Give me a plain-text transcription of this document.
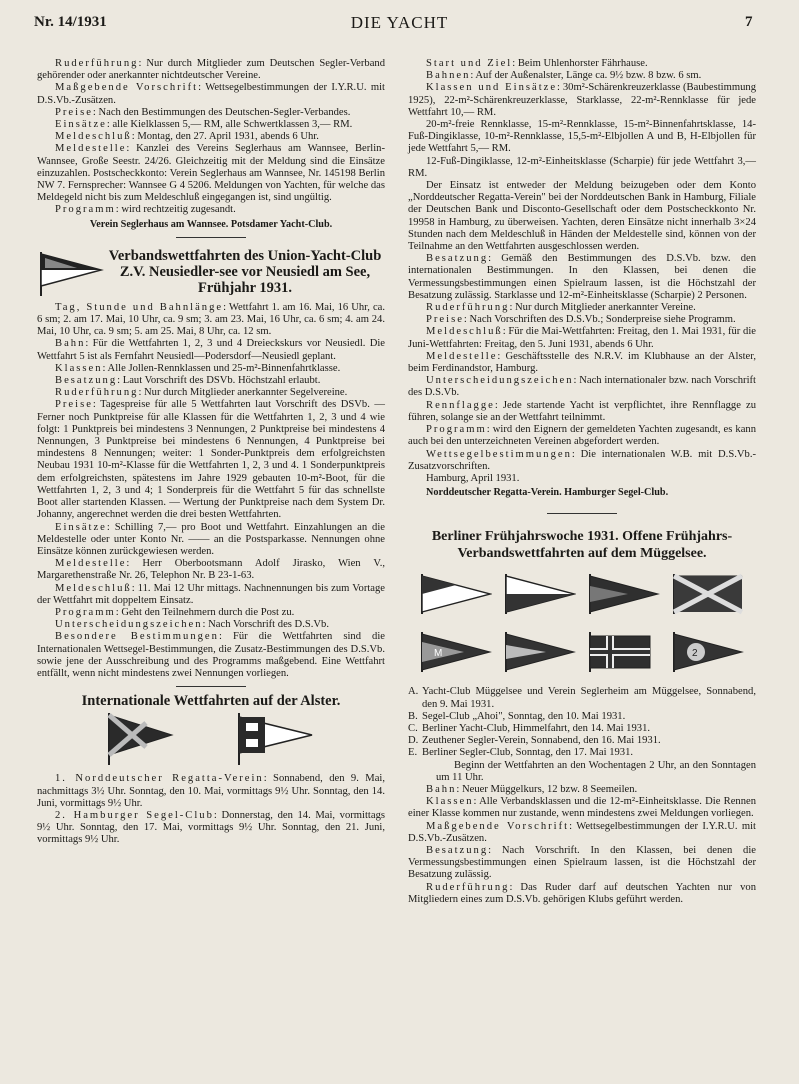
Nr. 14/1931	DIE YACHT	7

Ruderführung: Nur durch Mitglieder zum Deutschen Segler-Verband gehörender oder anerkannter nichtdeutscher Vereine.

Maßgebende Vorschrift: Wettsegelbestimmungen der I.Y.R.U. mit D.S.Vb.-Zusätzen.

Preise: Nach den Bestimmungen des Deutschen-Segler-Verbandes.

Einsätze: alle Kielklassen 5,— RM, alle Schwertklassen 3,— RM.

Meldeschluß: Montag, den 27. April 1931, abends 6 Uhr.

Meldestelle: Kanzlei des Vereins Seglerhaus am Wannsee, Berlin-Wannsee, Große Seestr. 24/26. Gleichzeitig mit der Meldung sind die Einsätze einzuzahlen. Postscheckkonto: Verein Seglerhaus am Wannsee, Nr. 145198 Berlin NW 7. Fernsprecher: Wannsee G 4 5206. Meldungen von Yachten, für welche das Meldegeld nicht bis zum Meldeschluß eingegangen ist, sind ungültig.

Programm: wird rechtzeitig zugesandt.

Verein Seglerhaus am Wannsee. Potsdamer Yacht-Club.

Verbandswettfahrten des Union-Yacht-Club Z.V. Neusiedler-see vor Neusiedl am See, Frühjahr 1931.

Tag, Stunde und Bahnlänge: Wettfahrt 1. am 16. Mai, 16 Uhr, ca. 6 sm; 2. am 17. Mai, 10 Uhr, ca. 9 sm; 3. am 23. Mai, 16 Uhr, ca. 6 sm; 4. am 24. Mai, 10 Uhr, ca. 9 sm; 5. am 25. Mai, 8 Uhr, ca. 12 sm.

Bahn: Für die Wettfahrten 1, 2, 3 und 4 Dreieckskurs vor Neusiedl. Die Wettfahrt 5 ist als Fernfahrt Neusiedl—Podersdorf—Neusiedl geplant.

Klassen: Alle Jollen-Rennklassen und 25-m²-Binnenfahrtklasse.

Besatzung: Laut Vorschrift des DSVb. Höchstzahl erlaubt.

Ruderführung: Nur durch Mitglieder anerkannter Segelvereine.

Preise: Tagespreise für alle 5 Wettfahrten laut Vorschrift des DSVb. — Ferner noch Punktpreise für alle Klassen für die Wettfahrten 1, 2, 3 und 4 wie folgt: 1 Punktpreis bei mindestens 3 Nennungen, 2 Punktpreise bei mindestens 4 Nennungen, 3 Punktpreise bei mindestens 6 Nennungen, 4 Punktpreise bei mindestens 8 Nennungen; weiter: 1 Sonder-Punktpreis dem erfolgreichsten Neubau 1931 10-m²-Klasse für die Wettfahrten 1, 2, 3 und 4. 1 Sonderpunktpreis dem erfolgreichsten, spätestens im Jahre 1929 gebauten 10-m²-Boot, für die Wettfahrten 1, 2, 3 und 4; 1 Sonderpreis für die Wettfahrt 5 für das schnellste Boot aller startenden Klassen. — Wertung der Punktpreise nach dem System Dr. Johanny, angerechnet werden die drei besten Wettfahrten.

Einsätze: Schilling 7,— pro Boot und Wettfahrt. Einzahlungen an die Meldestelle oder unter Konto Nr. —— an die Postsparkasse. Nennungen ohne Einsätze können zurückgewiesen werden.

Meldestelle: Herr Oberbootsmann Adolf Jirasko, Wien V., Margarethenstraße Nr. 26, Telephon Nr. B 23-1-63.

Meldeschluß: 11. Mai 12 Uhr mittags. Nachnennungen bis zum Vortage der Wettfahrt mit doppeltem Einsatz.

Programm: Geht den Teilnehmern durch die Post zu.

Unterscheidungszeichen: Nach Vorschrift des D.S.Vb.

Besondere Bestimmungen: Für die Wettfahrten sind die Internationalen Wettsegel-Bestimmungen, die Zusatz-Bestimmungen des D.S.Vb. sowie jene der Ausschreibung und des Programms maßgebend. Eine Wettfahrt entfällt, wenn nicht mindestens zwei Nennungen vorliegen.

Internationale Wettfahrten auf der Alster.

1. Norddeutscher Regatta-Verein: Sonnabend, den 9. Mai, nachmittags 3½ Uhr. Sonntag, den 10. Mai, vormittags 9½ Uhr. Sonntag, den 14. Juni, vormittags 9½ Uhr.

2. Hamburger Segel-Club: Donnerstag, den 14. Mai, vormittags 9½ Uhr. Sonntag, den 17. Mai, vormittags 9½ Uhr. Sonntag, den 21. Juni, vormittags 9½ Uhr.

Start und Ziel: Beim Uhlenhorster Fährhause.

Bahnen: Auf der Außenalster, Länge ca. 9½ bzw. 8 bzw. 6 sm.

Klassen und Einsätze: 30m²-Schärenkreuzerklasse (Baubestimmung 1925), 22-m²-Schärenkreuzerklasse, Starklasse, 22-m²-Rennklasse für jede Wettfahrt 10,— RM.

20-m²-freie Rennklasse, 15-m²-Rennklasse, 15-m²-Binnenfahrtsklasse, 14-Fuß-Dingiklasse, 10-m²-Rennklasse, 15,5-m²-Elbjollen A und B, H-Elbjollen für jede Wettfahrt 5,— RM.

12-Fuß-Dingiklasse, 12-m²-Einheitsklasse (Scharpie) für jede Wettfahrt 3,— RM.

Der Einsatz ist entweder der Meldung beizugeben oder dem Konto „Norddeutscher Regatta-Verein" bei der Norddeutschen Bank in Hamburg, Filiale der Deutschen Bank und Disconto-Gesellschaft oder dem Postscheckkonto Nr. 19958 in Hamburg, zu überweisen. Yachten, deren Einsätze nicht innerhalb 3×24 Stunden nach dem Meldeschluß in Händen der Meldestelle sind, können von der Teilnahme an den Wettfahrten ausgeschlossen werden.

Besatzung: Gemäß den Bestimmungen des D.S.Vb. bzw. den internationalen Bestimmungen. In den Klassen, bei denen die Vermessungsbestimmungen einen Spielraum lassen, ist die Höchstzahl der Besatzung zulässig. Starklasse und 12-m²-Einheitsklasse (Scharpie) 2 Personen.

Ruderführung: Nur durch Mitglieder anerkannter Vereine.

Preise: Nach Vorschriften des D.S.Vb.; Sonderpreise siehe Programm.

Meldeschluß: Für die Mai-Wettfahrten: Freitag, den 1. Mai 1931, für die Juni-Wettfahrten: Freitag, den 5. Juni 1931, abends 6 Uhr.

Meldestelle: Geschäftsstelle des N.R.V. im Klubhause an der Alster, beim Ferdinandstor, Hamburg.

Unterscheidungszeichen: Nach internationaler bzw. nach Vorschrift des D.S.Vb.

Rennflagge: Jede startende Yacht ist verpflichtet, ihre Rennflagge zu führen, solange sie an der Wettfahrt teilnimmt.

Programm: wird den Eignern der gemeldeten Yachten zugesandt, es kann auch bei den unterzeichneten Vereinen abgefordert werden.

Wettsegelbestimmungen: Die internationalen W.B. mit D.S.Vb.-Zusatzvorschriften.

Hamburg, April 1931.

Norddeutscher Regatta-Verein. Hamburger Segel-Club.

Berliner Frühjahrswoche 1931. Offene Frühjahrs-Verbandswettfahrten auf dem Müggelsee.
M	2

A. Yacht-Club Müggelsee und Verein Seglerheim am Müggelsee, Sonnabend, den 9. Mai 1931.

B. Segel-Club „Ahoi", Sonntag, den 10. Mai 1931.

C. Berliner Yacht-Club, Himmelfahrt, den 14. Mai 1931.

D. Zeuthener Segler-Verein, Sonnabend, den 16. Mai 1931.

E. Berliner Segler-Club, Sonntag, den 17. Mai 1931.

Beginn der Wettfahrten an den Wochentagen 2 Uhr, an den Sonntagen um 11 Uhr.

Bahn: Neuer Müggelkurs, 12 bzw. 8 Seemeilen.

Klassen: Alle Verbandsklassen und die 12-m²-Einheitsklasse. Die Rennen einer Klasse kommen nur zustande, wenn mindestens zwei Meldungen vorliegen.

Maßgebende Vorschrift: Wettsegelbestimmungen der I.Y.R.U. mit D.S.Vb.-Zusätzen.

Besatzung: Nach Vorschrift. In den Klassen, bei denen die Vermessungsbestimmungen einen Spielraum lassen, ist die Höchstzahl der Besatzung zulässig.

Ruderführung: Das Ruder darf auf deutschen Yachten nur von Mitgliedern eines zum D.S.Vb. gehörigen Klubs geführt werden.
